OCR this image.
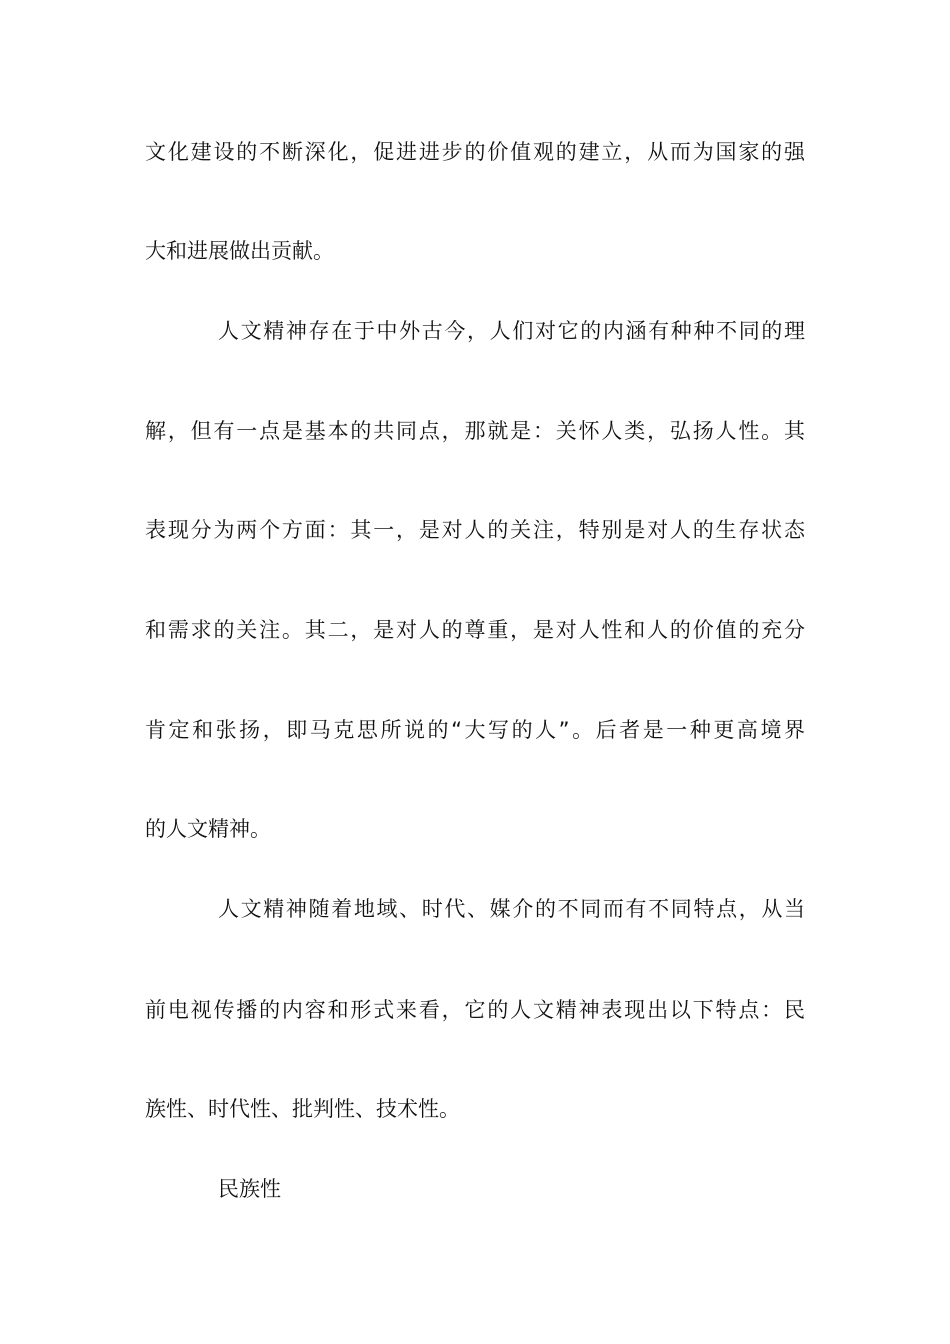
文化建设的不断深化，促进进步的价值观的建立，从而为国家的强
大和进展做出贡献。
人文精神存在于中外古今，人们对它的内涵有种种不同的理
解，但有一点是基本的共同点，那就是：关怀人类，弘扬人性。其
表现分为两个方面：其一，是对人的关注，特别是对人的生存状态
和需求的关注。其二，是对人的尊重，是对人性和人的价值的充分
肯定和张扬，即马克思所说的“大写的人”。后者是一种更高境界
的人文精神。
人文精神随着地域、时代、媒介的不同而有不同特点，从当
前电视传播的内容和形式来看，它的人文精神表现出以下特点：民
族性、时代性、批判性、技术性。
民族性
